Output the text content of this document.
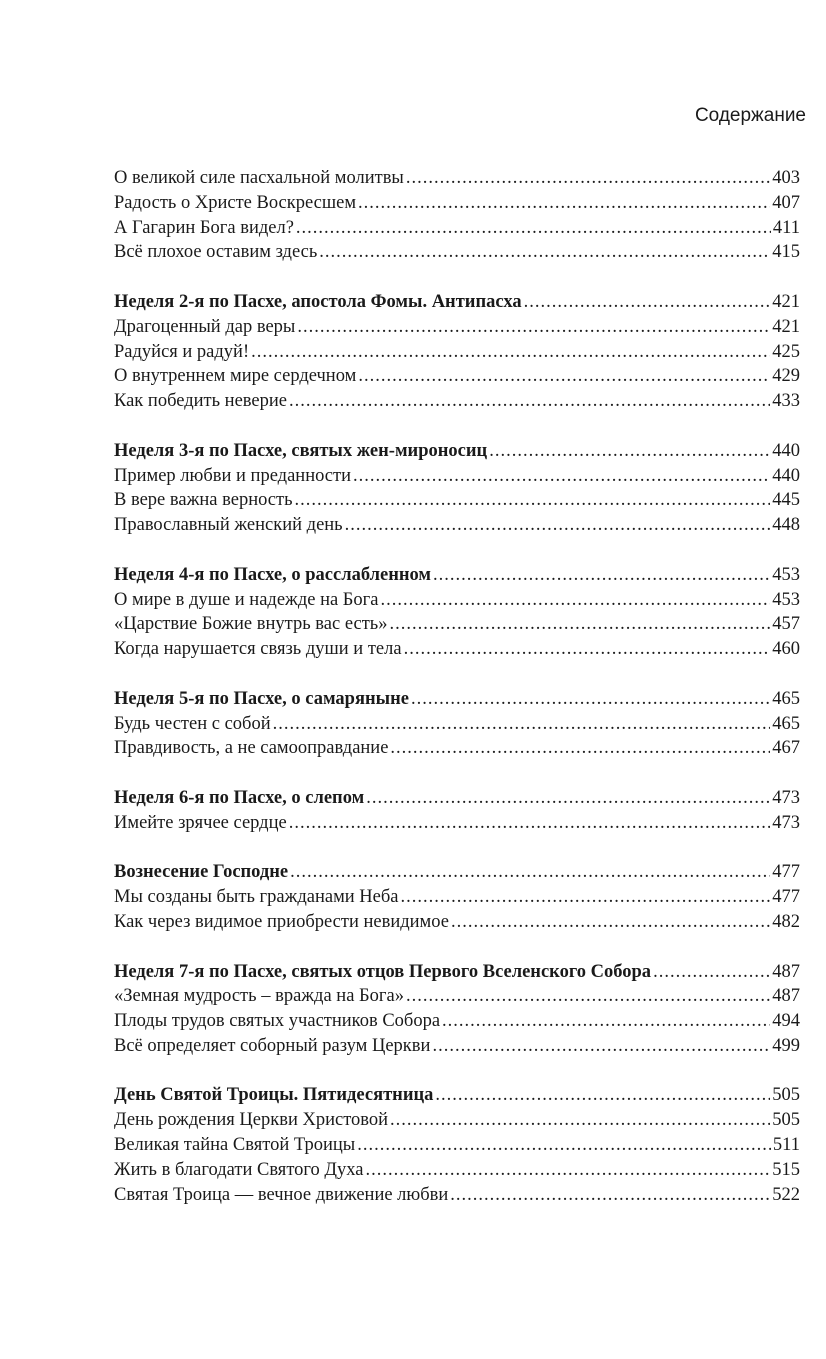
Содержание
О великой силе пасхальной молитвы .....	403
Радость о Христе Воскресшем .....	407
А Гагарин Бога видел? .....	411
Всё плохое оставим здесь .....	415
Неделя 2-я по Пасхе, апостола Фомы. Антипасха .....	421
Драгоценный дар веры .....	421
Радуйся и радуй! .....	425
О внутреннем мире сердечном .....	429
Как победить неверие .....	433
Неделя 3-я по Пасхе, святых жен-мироносиц .....	440
Пример любви и преданности .....	440
В вере важна верность .....	445
Православный женский день .....	448
Неделя 4-я по Пасхе, о расслабленном .....	453
О мире в душе и надежде на Бога .....	453
«Царствие Божие внутрь вас есть» .....	457
Когда нарушается связь души и тела .....	460
Неделя 5-я по Пасхе, о самаряныне .....	465
Будь честен с собой .....	465
Правдивость, а не самооправдание .....	467
Неделя 6-я по Пасхе, о слепом .....	473
Имейте зрячее сердце .....	473
Вознесение Господне .....	477
Мы созданы быть гражданами Неба .....	477
Как через видимое приобрести невидимое .....	482
Неделя 7-я по Пасхе, святых отцов Первого Вселенского Собора .....	487
«Земная мудрость – вражда на Бога» .....	487
Плоды трудов святых участников Собора .....	494
Всё определяет соборный разум Церкви .....	499
День Святой Троицы. Пятидесятница .....	505
День рождения Церкви Христовой .....	505
Великая тайна Святой Троицы .....	511
Жить в благодати Святого Духа .....	515
Святая Троица — вечное движение любви .....	522
